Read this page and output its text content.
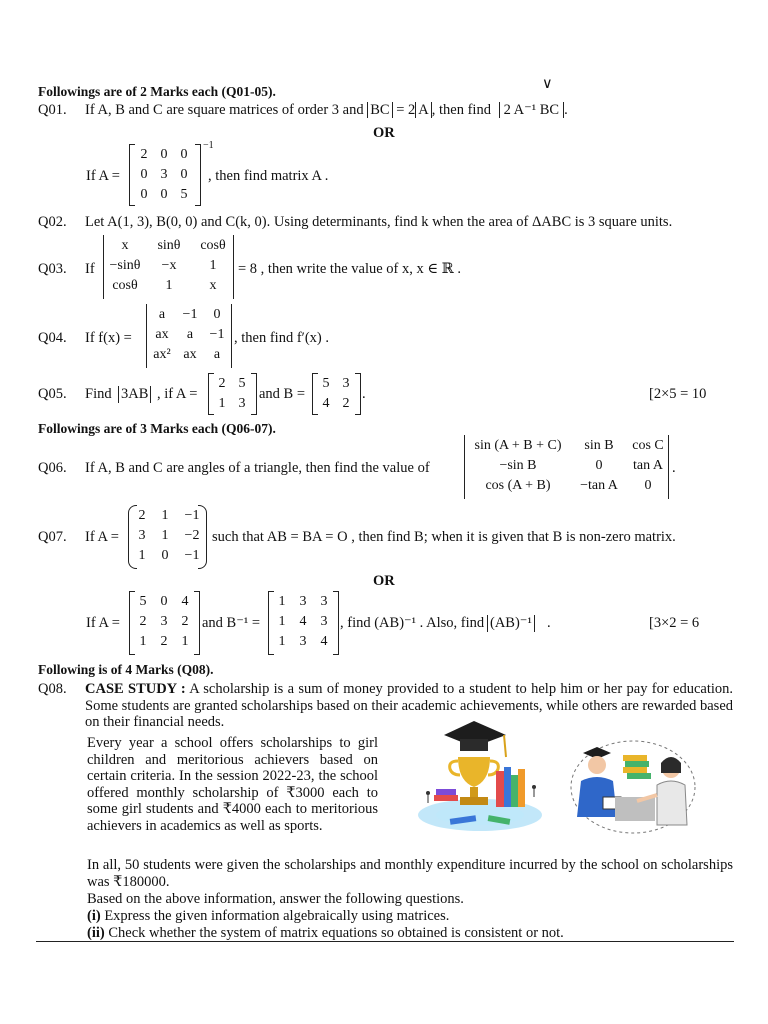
∨
Followings are of 2 Marks each (Q01-05).
Q01. If A, B and C are square matrices of order 3 and BC = 2 A , then find 2 A⁻¹ BC .
OR
If A =
2 0 0
0 3 0
0 0 5
−1
, then find matrix A .
Q02. Let A(1, 3), B(0, 0) and C(k, 0). Using determinants, find k when the area of ΔABC is 3 square units.
Q03. If
x	sinθ	cosθ
−sinθ	−x	1
cosθ	1	x
= 8 , then write the value of x, x ∈ ℝ .
Q04. If f(x) =
a	−1	0
ax	a	−1
ax² ax	a
, then find f′(x) .
Q05. Find 3AB , if A =
2 5
1 3
and B =
5 3
4 2
.	[2×5 = 10
Followings are of 3 Marks each (Q06-07).
Q06. If A, B and C are angles of a triangle, then find the value of
sin (A + B + C)	sin B	cos C
−sin B	0	tan A
cos (A + B)	−tan A	0
.
Q07. If A =
2	1	−1
3	1	−2
1	0	−1
such that AB = BA = O , then find B; when it is given that B is non-zero matrix.
OR
If A =
5	0	4
2	3	2
1	2	1
and B⁻¹ =
1	3	3
1	4	3
1	3	4
, find (AB)⁻¹ . Also, find (AB)⁻¹ .	[3×2 = 6
Following is of 4 Marks (Q08).
Q08. CASE STUDY : A scholarship is a sum of money provided to a student to help him or her pay for education. Some students are granted scholarships based on their academic achievements, while others are rewarded based on their financial needs.
Every year a school offers scholarships to girl children and meritorious achievers based on certain criteria. In the session 2022-23, the school offered monthly scholarship of ₹3000 each to some girl students and ₹4000 each to meritorious achievers in academics as well as sports.
In all, 50 students were given the scholarships and monthly expenditure incurred by the school on scholarships was ₹180000.
Based on the above information, answer the following questions.
(i) Express the given information algebraically using matrices.
(ii) Check whether the system of matrix equations so obtained is consistent or not.
